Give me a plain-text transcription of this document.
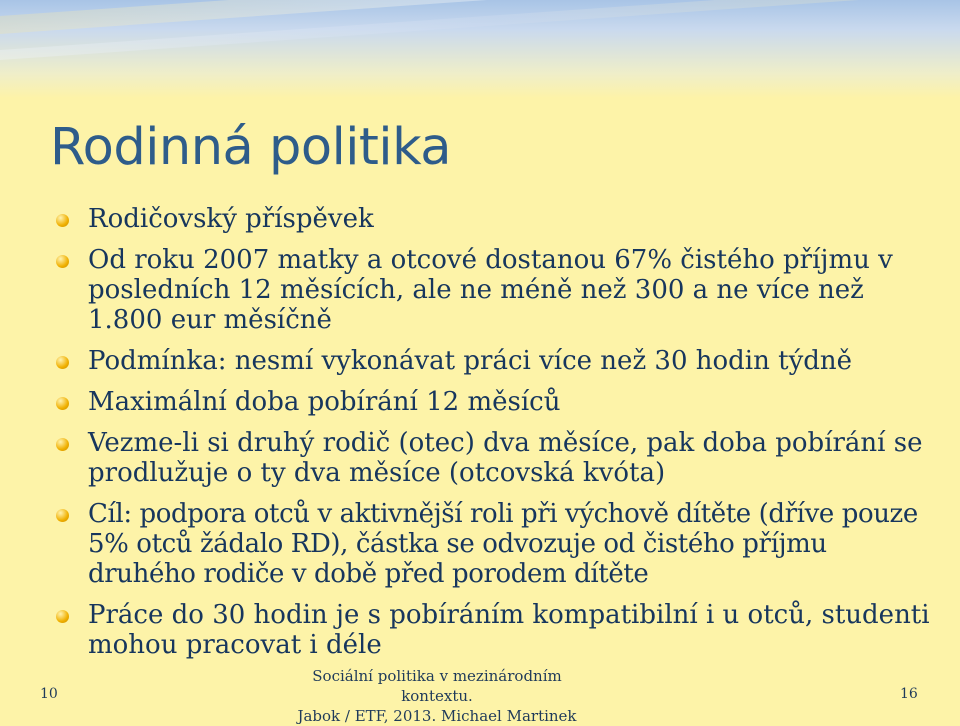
Rodinná politika
Rodičovský příspěvek
Od roku 2007 matky a otcové dostanou 67% čistého příjmu v posledních 12 měsících, ale ne méně než 300 a ne více než 1.800 eur měsíčně
Podmínka: nesmí vykonávat práci více než 30 hodin týdně
Maximální doba pobírání 12 měsíců
Vezme-li si druhý rodič (otec) dva měsíce, pak doba pobírání se prodlužuje o ty dva měsíce (otcovská kvóta)
Cíl: podpora otců v aktivnější roli při výchově dítěte (dříve pouze 5% otců žádalo RD), částka se odvozuje od čistého příjmu druhého rodiče v době před porodem dítěte
Práce do 30 hodin je s pobíráním kompatibilní i u otců, studenti mohou pracovat i déle
10
Sociální politika v mezinárodním kontextu.
Jabok / ETF, 2013. Michael Martinek
16
